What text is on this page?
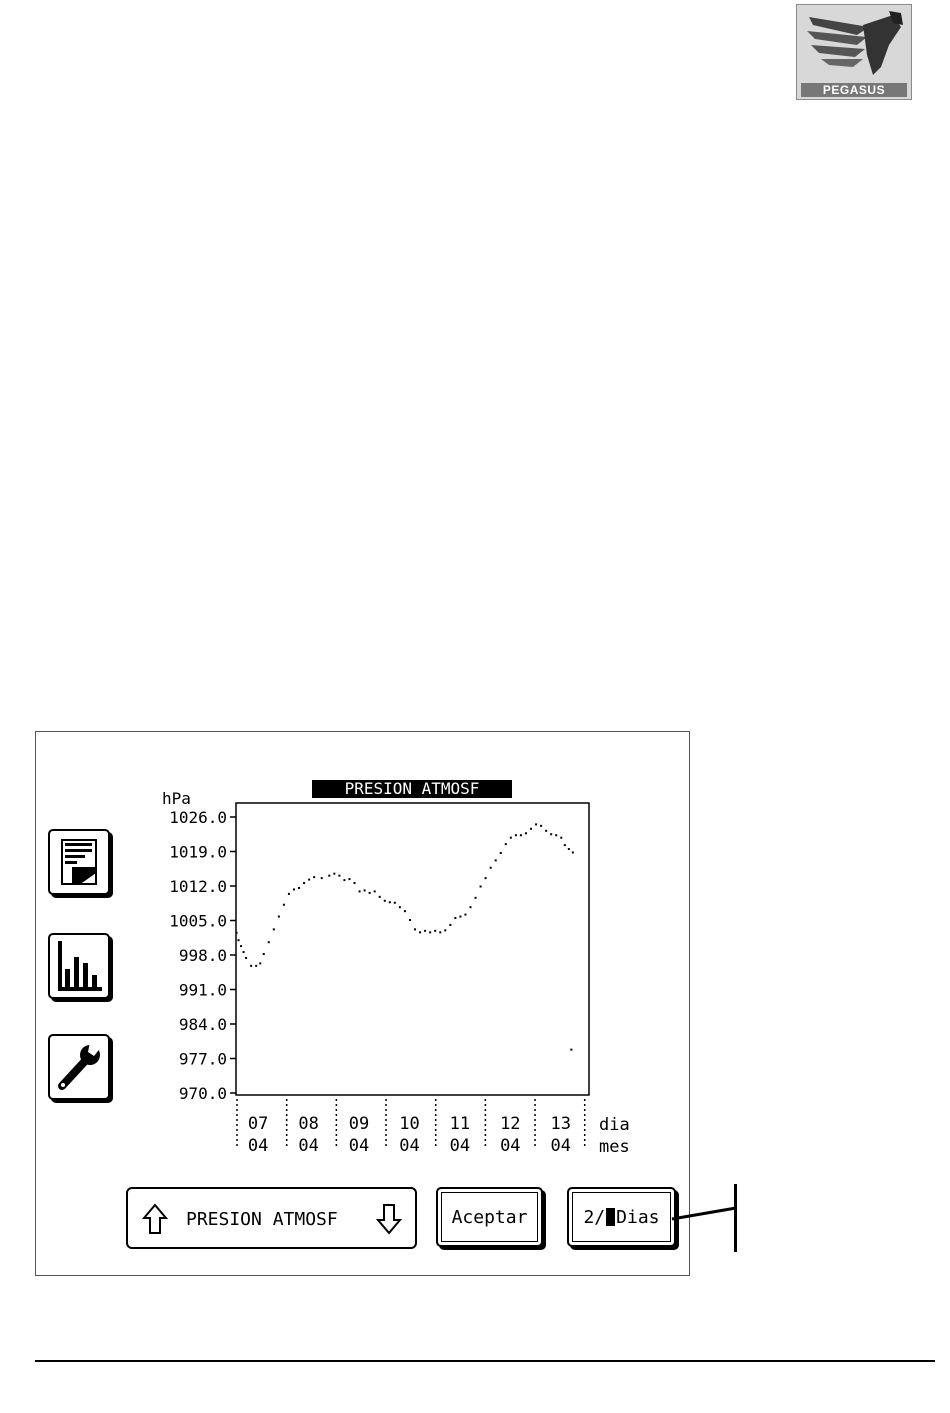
PEGASUS
PRESION ATMOSF
hPa
1026.0
1019.0
1012.0
1005.0
998.0
991.0
984.0
977.0
970.0
07
04
08
04
09
04
10
04
11
04
12
04
13
04
dia
mes
PRESION ATMOSF	Aceptar	2/ Dias
